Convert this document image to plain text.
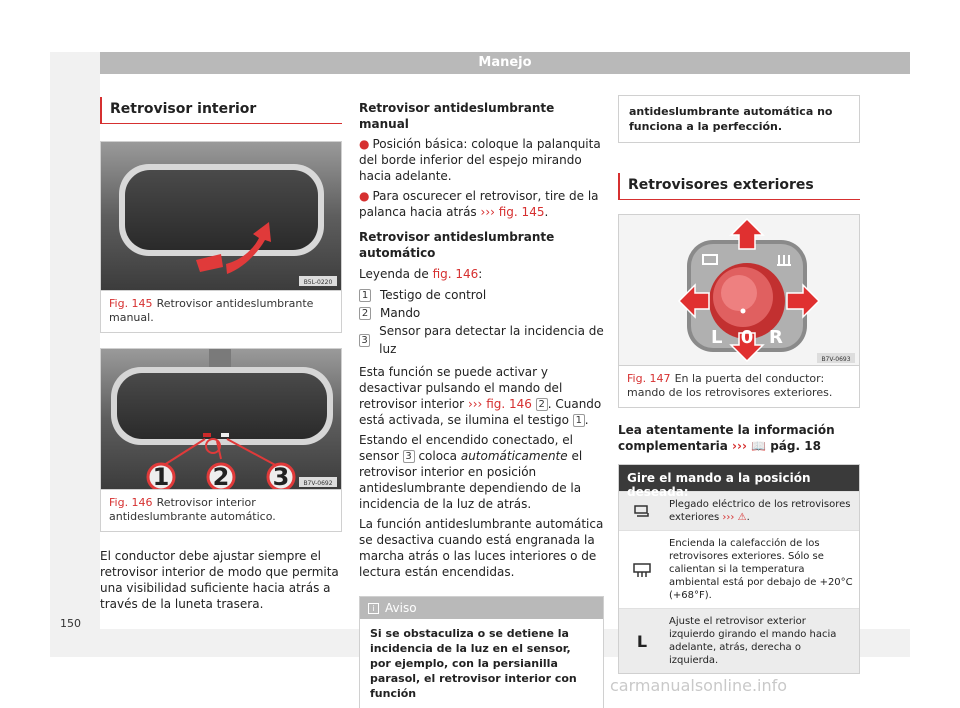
Manejo
Retrovisor interior
B5L-0220
Fig. 145 Retrovisor antideslumbrante manual.
1 2 3 B7V-0692
Fig. 146 Retrovisor interior antideslumbrante automático.

El conductor debe ajustar siempre el retrovisor interior de modo que permita una visibilidad suficiente hacia atrás a través de la luneta trasera.

Retrovisor antideslumbrante manual

● Posición básica: coloque la palanquita del borde inferior del espejo mirando hacia adelante.

● Para oscurecer el retrovisor, tire de la palanca hacia atrás ››› fig. 145.

Retrovisor antideslumbrante automático

Leyenda de fig. 146:

1 Testigo de control
2 Mando
3
Sensor para detectar la incidencia de luz

Esta función se puede activar y desactivar pulsando el mando del retrovisor interior ››› fig. 146 2 . Cuando está activada, se ilumina el testigo 1 .

Estando el encendido conectado, el sensor 3 coloca automáticamente el retrovisor interior en posición antideslumbrante dependiendo de la incidencia de la luz de atrás.

La función antideslumbrante automática se desactiva cuando está engranada la marcha atrás o las luces interiores o de lectura están encendidas.

i Aviso
Si se obstaculiza o se detiene la incidencia de la luz en el sensor, por ejemplo, con la persianilla parasol, el retrovisor interior con función
antideslumbrante automática no funciona a la perfección.
Retrovisores exteriores
L 0 R
B7V-0693
Fig. 147 En la puerta del conductor: mando de los retrovisores exteriores.

Lea atentamente la información complementaria ››› 📖 pág. 18

Gire el mando a la posición deseada:
Plegado eléctrico de los retrovisores exteriores ››› ⚠.
Encienda la calefacción de los retrovisores exteriores. Sólo se calientan si la temperatura ambiental está por debajo de +20°C (+68°F).
L
Ajuste el retrovisor exterior izquierdo girando el mando hacia adelante, atrás, derecha o izquierda.
150
carmanualsonline.info
